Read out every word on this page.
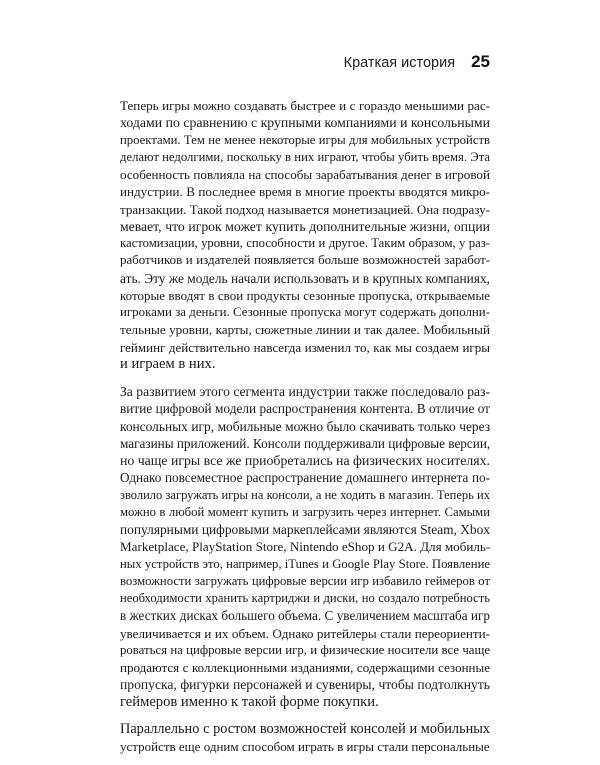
Краткая история 25

Теперь игры можно создавать быстрее и с гораздо меньшими рас-
ходами по сравнению с крупными компаниями и консольными
проектами. Тем не менее некоторые игры для мобильных устройств
делают недолгими, поскольку в них играют, чтобы убить время. Эта
особенность повлияла на способы зарабатывания денег в игровой
индустрии. В последнее время в многие проекты вводятся микро-
транзакции. Такой подход называется монетизацией. Она подразу-
мевает, что игрок может купить дополнительные жизни, опции
кастомизации, уровни, способности и другое. Таким образом, у раз-
работчиков и издателей появляется больше возможностей заработ-
ать. Эту же модель начали использовать и в крупных компаниях,
которые вводят в свои продукты сезонные пропуска, открываемые
игроками за деньги. Сезонные пропуска могут содержать дополни-
тельные уровни, карты, сюжетные линии и так далее. Мобильный
гейминг действительно навсегда изменил то, как мы создаем игры
и играем в них.

За развитием этого сегмента индустрии также последовало раз-
витие цифровой модели распространения контента. В отличие от
консольных игр, мобильные можно было скачивать только через
магазины приложений. Консоли поддерживали цифровые версии,
но чаще игры все же приобретались на физических носителях.
Однако повсеместное распространение домашнего интернета по-
зволило загружать игры на консоли, а не ходить в магазин. Теперь их
можно в любой момент купить и загрузить через интернет. Самыми
популярными цифровыми маркеплейсами являются Steam, Xbox
Marketplace, PlayStation Store, Nintendo eShop и G2A. Для мобиль-
ных устройств это, например, iTunes и Google Play Store. Появление
возможности загружать цифровые версии игр избавило геймеров от
необходимости хранить картриджи и диски, но создало потребность
в жестких дисках большего объема. С увеличением масштаба игр
увеличивается и их объем. Однако ритейлеры стали переориенти-
роваться на цифровые версии игр, и физические носители все чаще
продаются с коллекционными изданиями, содержащими сезонные
пропуска, фигурки персонажей и сувениры, чтобы подтолкнуть
геймеров именно к такой форме покупки.

Параллельно с ростом возможностей консолей и мобильных
устройств еще одним способом играть в игры стали персональные
